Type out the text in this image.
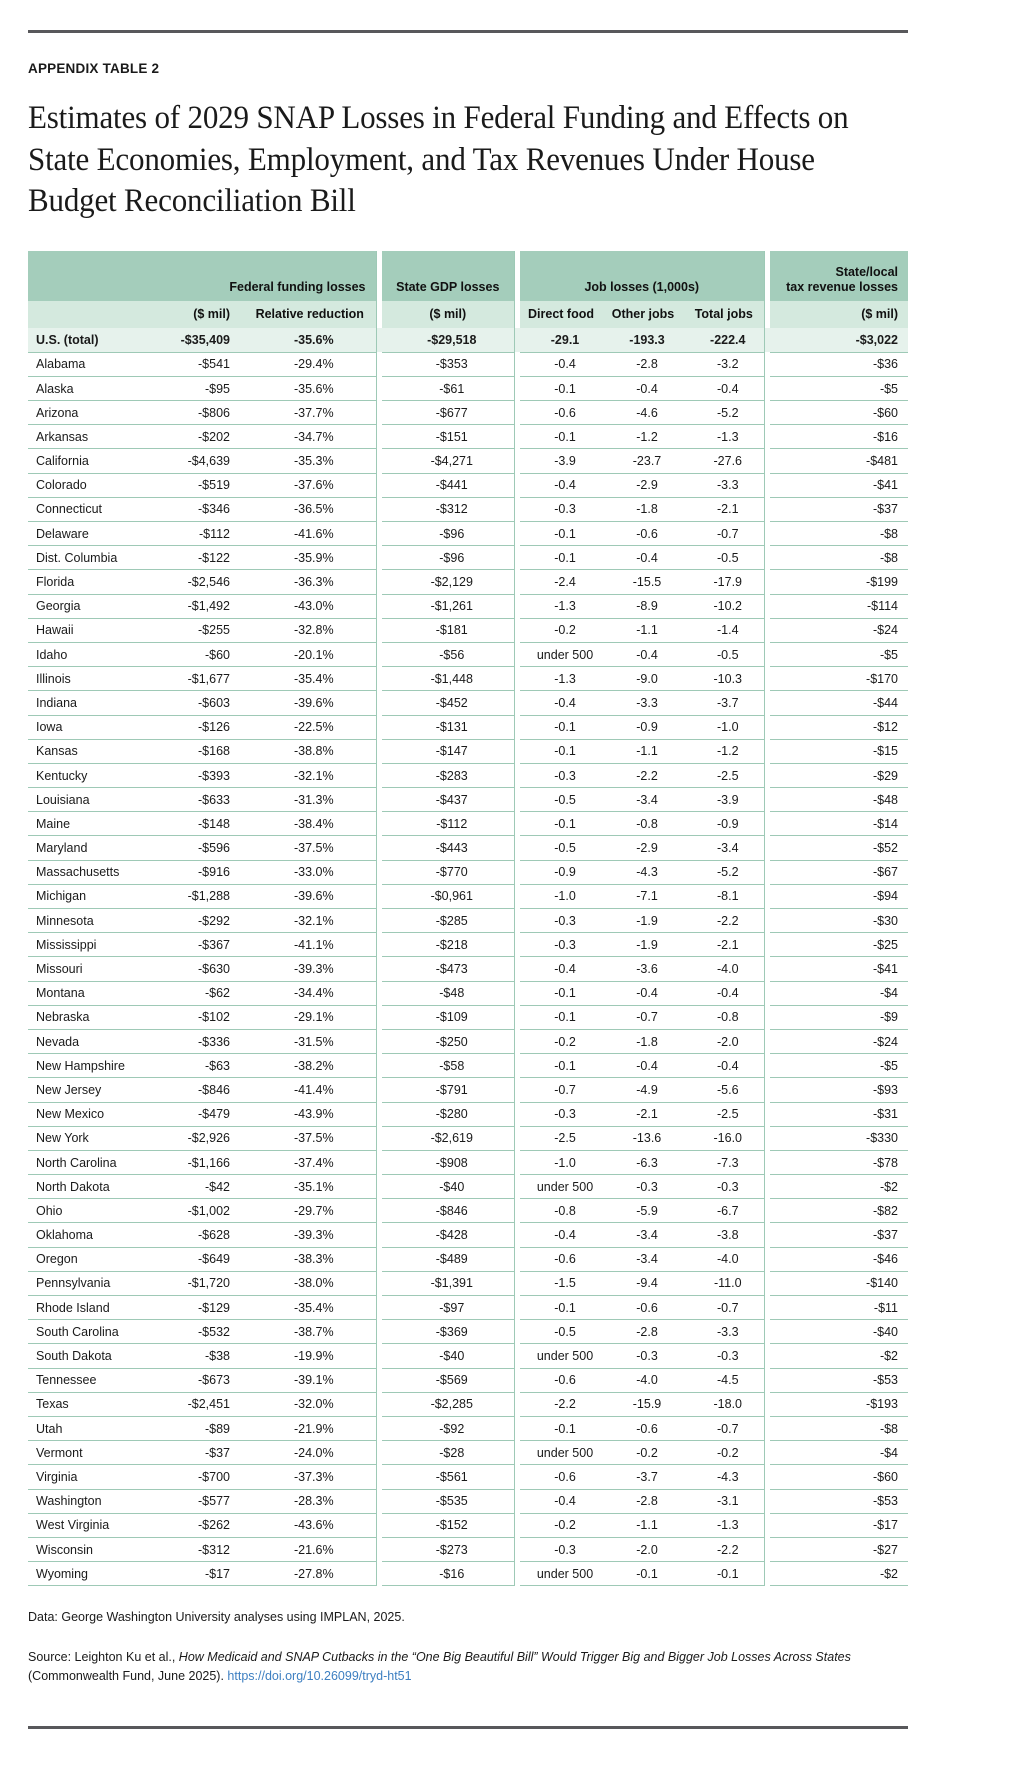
APPENDIX TABLE 2
Estimates of 2029 SNAP Losses in Federal Funding and Effects on State Economies, Employment, and Tax Revenues Under House Budget Reconciliation Bill
	Federal funding losses			State GDP losses		Job losses (1,000s)				State/local
tax revenue losses
	($ mil)	Relative reduction		($ mil)		Direct food	Other jobs	Total jobs		($ mil)
U.S. (total)	-$35,409	-35.6%		-$29,518		-29.1	-193.3	-222.4		-$3,022
Alabama	-$541	-29.4%		-$353		-0.4	-2.8	-3.2		-$36
Alaska	-$95	-35.6%		-$61		-0.1	-0.4	-0.4		-$5
Arizona	-$806	-37.7%		-$677		-0.6	-4.6	-5.2		-$60
Arkansas	-$202	-34.7%		-$151		-0.1	-1.2	-1.3		-$16
California	-$4,639	-35.3%		-$4,271		-3.9	-23.7	-27.6		-$481
Colorado	-$519	-37.6%		-$441		-0.4	-2.9	-3.3		-$41
Connecticut	-$346	-36.5%		-$312		-0.3	-1.8	-2.1		-$37
Delaware	-$112	-41.6%		-$96		-0.1	-0.6	-0.7		-$8
Dist. Columbia	-$122	-35.9%		-$96		-0.1	-0.4	-0.5		-$8
Florida	-$2,546	-36.3%		-$2,129		-2.4	-15.5	-17.9		-$199
Georgia	-$1,492	-43.0%		-$1,261		-1.3	-8.9	-10.2		-$114
Hawaii	-$255	-32.8%		-$181		-0.2	-1.1	-1.4		-$24
Idaho	-$60	-20.1%		-$56		under 500	-0.4	-0.5		-$5
Illinois	-$1,677	-35.4%		-$1,448		-1.3	-9.0	-10.3		-$170
Indiana	-$603	-39.6%		-$452		-0.4	-3.3	-3.7		-$44
Iowa	-$126	-22.5%		-$131		-0.1	-0.9	-1.0		-$12
Kansas	-$168	-38.8%		-$147		-0.1	-1.1	-1.2		-$15
Kentucky	-$393	-32.1%		-$283		-0.3	-2.2	-2.5		-$29
Louisiana	-$633	-31.3%		-$437		-0.5	-3.4	-3.9		-$48
Maine	-$148	-38.4%		-$112		-0.1	-0.8	-0.9		-$14
Maryland	-$596	-37.5%		-$443		-0.5	-2.9	-3.4		-$52
Massachusetts	-$916	-33.0%		-$770		-0.9	-4.3	-5.2		-$67
Michigan	-$1,288	-39.6%		-$0,961		-1.0	-7.1	-8.1		-$94
Minnesota	-$292	-32.1%		-$285		-0.3	-1.9	-2.2		-$30
Mississippi	-$367	-41.1%		-$218		-0.3	-1.9	-2.1		-$25
Missouri	-$630	-39.3%		-$473		-0.4	-3.6	-4.0		-$41
Montana	-$62	-34.4%		-$48		-0.1	-0.4	-0.4		-$4
Nebraska	-$102	-29.1%		-$109		-0.1	-0.7	-0.8		-$9
Nevada	-$336	-31.5%		-$250		-0.2	-1.8	-2.0		-$24
New Hampshire	-$63	-38.2%		-$58		-0.1	-0.4	-0.4		-$5
New Jersey	-$846	-41.4%		-$791		-0.7	-4.9	-5.6		-$93
New Mexico	-$479	-43.9%		-$280		-0.3	-2.1	-2.5		-$31
New York	-$2,926	-37.5%		-$2,619		-2.5	-13.6	-16.0		-$330
North Carolina	-$1,166	-37.4%		-$908		-1.0	-6.3	-7.3		-$78
North Dakota	-$42	-35.1%		-$40		under 500	-0.3	-0.3		-$2
Ohio	-$1,002	-29.7%		-$846		-0.8	-5.9	-6.7		-$82
Oklahoma	-$628	-39.3%		-$428		-0.4	-3.4	-3.8		-$37
Oregon	-$649	-38.3%		-$489		-0.6	-3.4	-4.0		-$46
Pennsylvania	-$1,720	-38.0%		-$1,391		-1.5	-9.4	-11.0		-$140
Rhode Island	-$129	-35.4%		-$97		-0.1	-0.6	-0.7		-$11
South Carolina	-$532	-38.7%		-$369		-0.5	-2.8	-3.3		-$40
South Dakota	-$38	-19.9%		-$40		under 500	-0.3	-0.3		-$2
Tennessee	-$673	-39.1%		-$569		-0.6	-4.0	-4.5		-$53
Texas	-$2,451	-32.0%		-$2,285		-2.2	-15.9	-18.0		-$193
Utah	-$89	-21.9%		-$92		-0.1	-0.6	-0.7		-$8
Vermont	-$37	-24.0%		-$28		under 500	-0.2	-0.2		-$4
Virginia	-$700	-37.3%		-$561		-0.6	-3.7	-4.3		-$60
Washington	-$577	-28.3%		-$535		-0.4	-2.8	-3.1		-$53
West Virginia	-$262	-43.6%		-$152		-0.2	-1.1	-1.3		-$17
Wisconsin	-$312	-21.6%		-$273		-0.3	-2.0	-2.2		-$27
Wyoming	-$17	-27.8%		-$16		under 500	-0.1	-0.1		-$2
Data: George Washington University analyses using IMPLAN, 2025.
Source: Leighton Ku et al., How Medicaid and SNAP Cutbacks in the “One Big Beautiful Bill” Would Trigger Big and Bigger Job Losses Across States (Commonwealth Fund, June 2025). https://doi.org/10.26099/tryd-ht51
